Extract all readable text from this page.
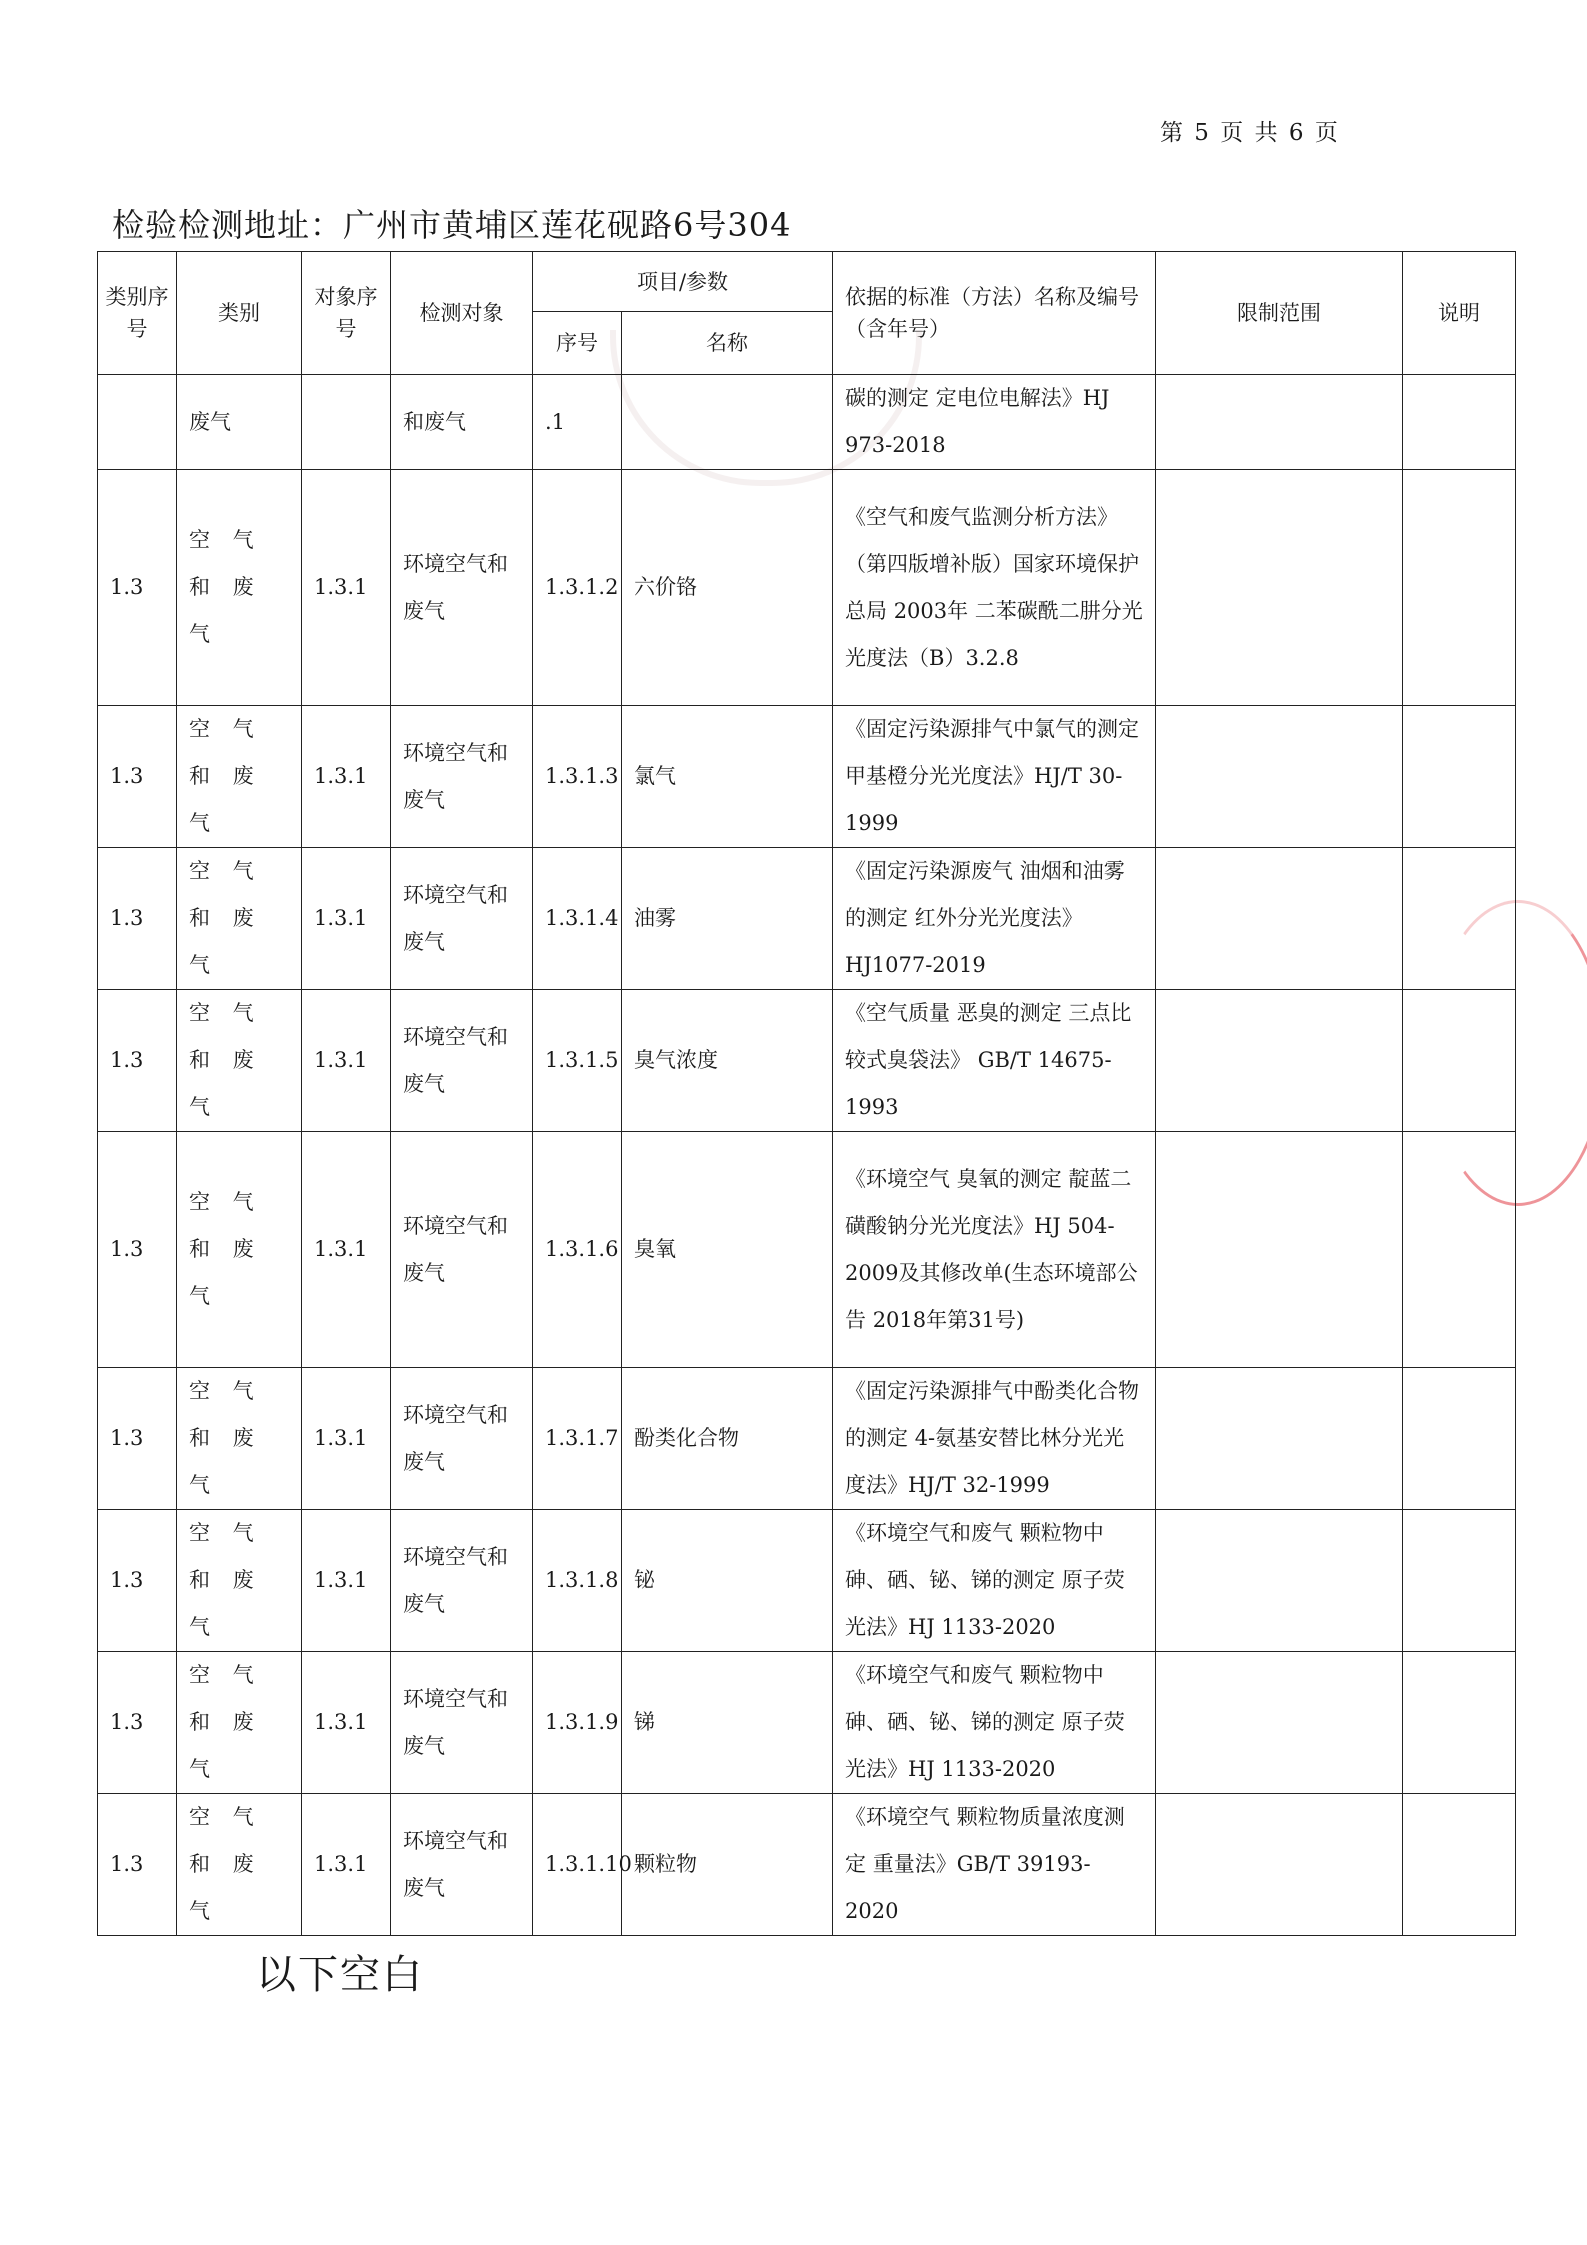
第 5 页 共 6 页
检验检测地址：广州市黄埔区莲花砚路6号304
类别序号	类别	对象序号	检测对象	项目/参数		依据的标准（方法）名称及编号（含年号）	限制范围	说明
				序号	名称			
	废气		和废气	.1		碳的测定 定电位电解法》HJ 973-2018		
1.3	空 气 和 废气	1.3.1	环境空气和废气	1.3.1.2	六价铬	《空气和废气监测分析方法》（第四版增补版）国家环境保护总局 2003年 二苯碳酰二肼分光光度法（B）3.2.8		
1.3	空 气 和 废气	1.3.1	环境空气和废气	1.3.1.3	氯气	《固定污染源排气中氯气的测定 甲基橙分光光度法》HJ/T 30-1999		
1.3	空 气 和 废气	1.3.1	环境空气和废气	1.3.1.4	油雾	《固定污染源废气 油烟和油雾的测定 红外分光光度法》HJ1077-2019		
1.3	空 气 和 废气	1.3.1	环境空气和废气	1.3.1.5	臭气浓度	《空气质量 恶臭的测定 三点比较式臭袋法》 GB/T 14675-1993		
1.3	空 气 和 废气	1.3.1	环境空气和废气	1.3.1.6	臭氧	《环境空气 臭氧的测定 靛蓝二磺酸钠分光光度法》HJ 504-2009及其修改单(生态环境部公告 2018年第31号)		
1.3	空 气 和 废气	1.3.1	环境空气和废气	1.3.1.7	酚类化合物	《固定污染源排气中酚类化合物的测定 4-氨基安替比林分光光度法》HJ/T 32-1999		
1.3	空 气 和 废气	1.3.1	环境空气和废气	1.3.1.8	铋	《环境空气和废气 颗粒物中砷、硒、铋、锑的测定 原子荧光法》HJ 1133-2020		
1.3	空 气 和 废气	1.3.1	环境空气和废气	1.3.1.9	锑	《环境空气和废气 颗粒物中砷、硒、铋、锑的测定 原子荧光法》HJ 1133-2020		
1.3	空 气 和 废气	1.3.1	环境空气和废气	1.3.1.10	颗粒物	《环境空气 颗粒物质量浓度测定 重量法》GB/T 39193-2020		
以下空白
